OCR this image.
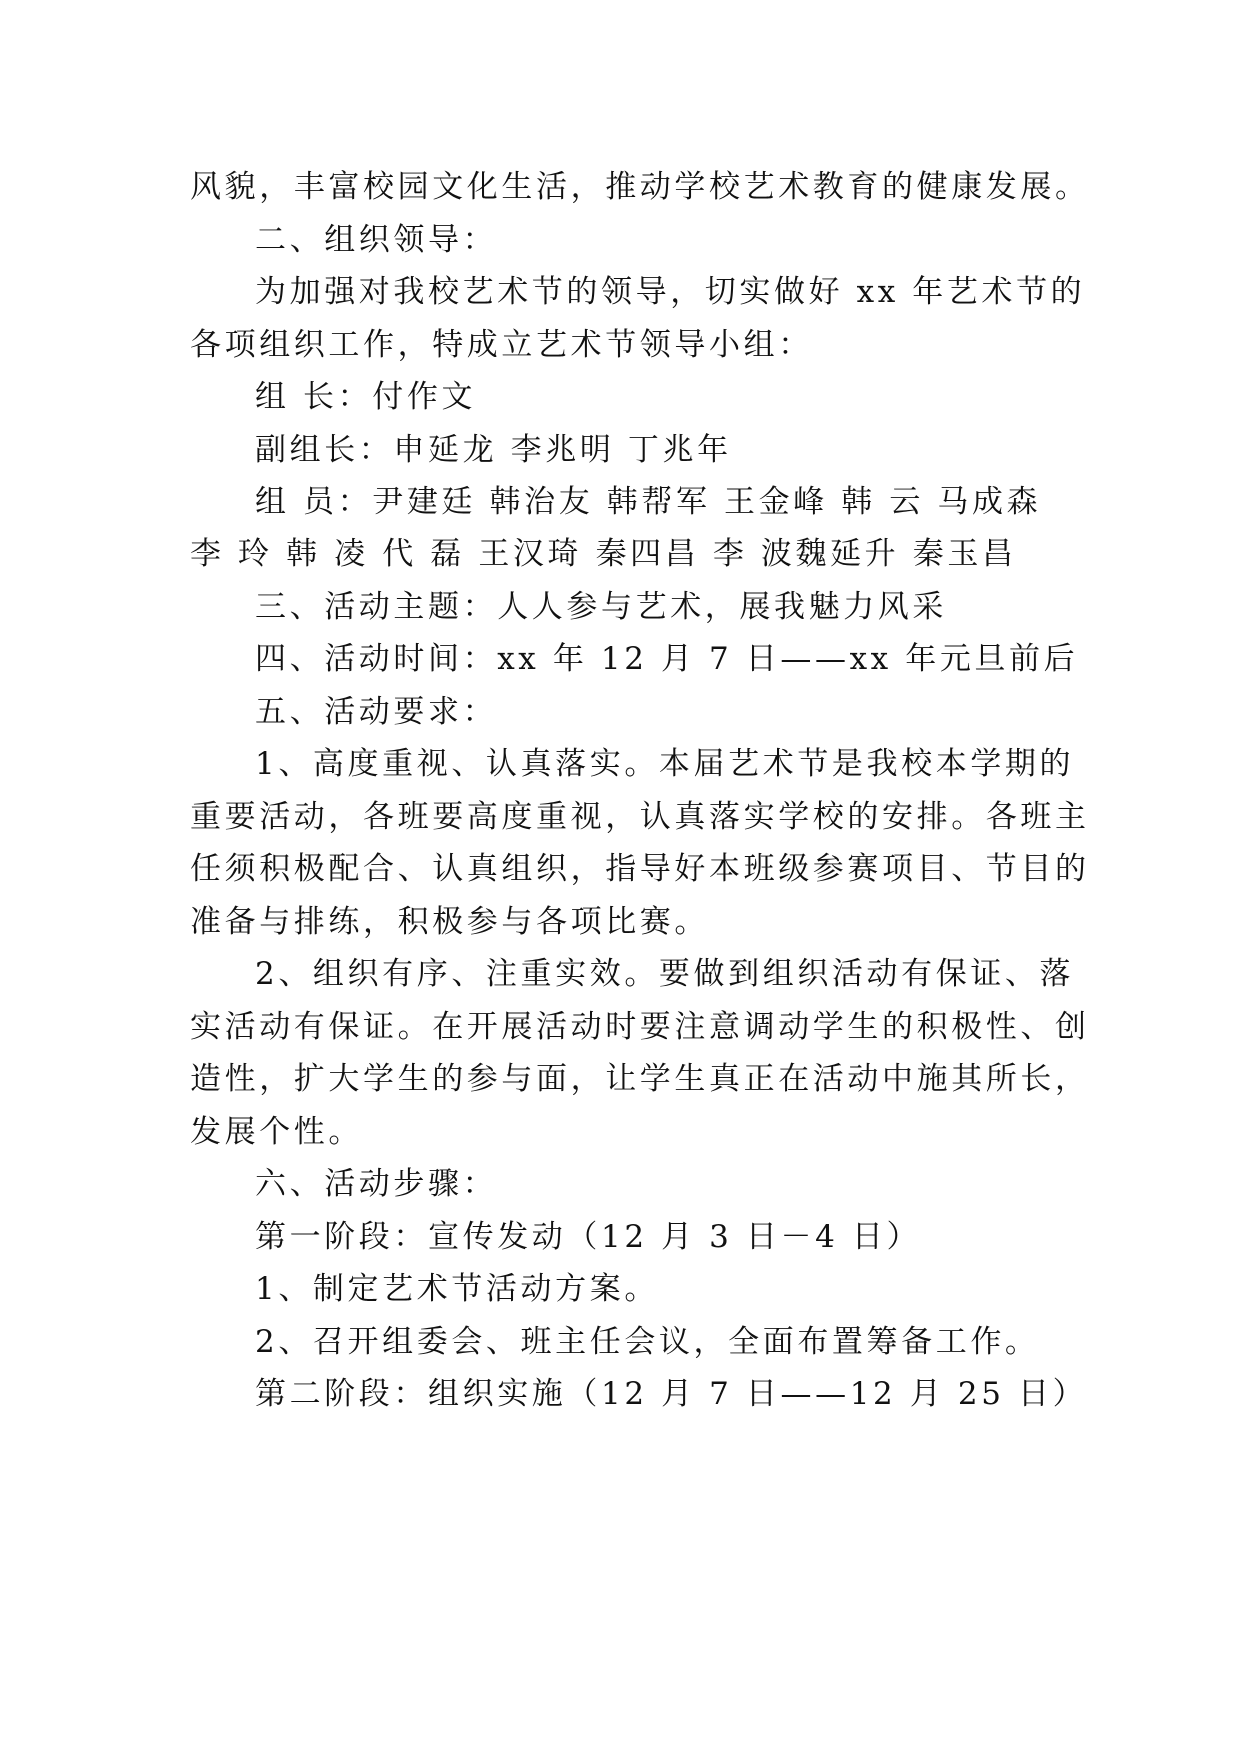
风貌，丰富校园文化生活，推动学校艺术教育的健康发展。
二、组织领导：
为加强对我校艺术节的领导，切实做好 xx 年艺术节的
各项组织工作，特成立艺术节领导小组：
组 长：付作文
副组长：申延龙 李兆明 丁兆年
组 员：尹建廷 韩治友 韩帮军 王金峰 韩 云 马成森
李 玲 韩 凌 代 磊 王汉琦 秦四昌 李 波魏延升 秦玉昌
三、活动主题：人人参与艺术，展我魅力风采
四、活动时间：xx 年 12 月 7 日——xx 年元旦前后
五、活动要求：
1、高度重视、认真落实。本届艺术节是我校本学期的
重要活动，各班要高度重视，认真落实学校的安排。各班主
任须积极配合、认真组织，指导好本班级参赛项目、节目的
准备与排练，积极参与各项比赛。
2、组织有序、注重实效。要做到组织活动有保证、落
实活动有保证。在开展活动时要注意调动学生的积极性、创
造性，扩大学生的参与面，让学生真正在活动中施其所长，
发展个性。
六、活动步骤：
第一阶段：宣传发动（12 月 3 日－4 日）
1、制定艺术节活动方案。
2、召开组委会、班主任会议，全面布置筹备工作。
第二阶段：组织实施（12 月 7 日——12 月 25 日）
